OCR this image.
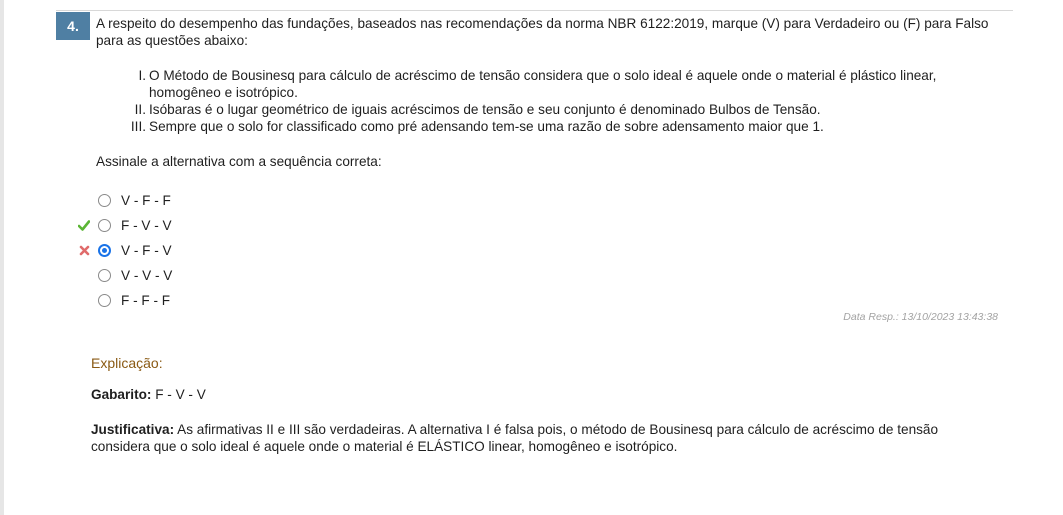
4.	A respeito do desempenho das fundações, baseados nas recomendações da norma NBR 6122:2019, marque (V) para Verdadeiro ou (F) para Falso para as questões abaixo:
I. O Método de Bousinesq para cálculo de acréscimo de tensão considera que o solo ideal é aquele onde o material é plástico linear, homogêneo e isotrópico.
II. Isóbaras é o lugar geométrico de iguais acréscimos de tensão e seu conjunto é denominado Bulbos de Tensão.
III. Sempre que o solo for classificado como pré adensando tem-se uma razão de sobre adensamento maior que 1.
Assinale a alternativa com a sequência correta:
V - F - F
F - V - V
V - F - V
V - V - V
F - F - F
Data Resp.: 13/10/2023 13:43:38
Explicação:
Gabarito: F - V - V
Justificativa: As afirmativas II e III são verdadeiras. A alternativa I é falsa pois, o método de Bousinesq para cálculo de acréscimo de tensão considera que o solo ideal é aquele onde o material é ELÁSTICO linear, homogêneo e isotrópico.
